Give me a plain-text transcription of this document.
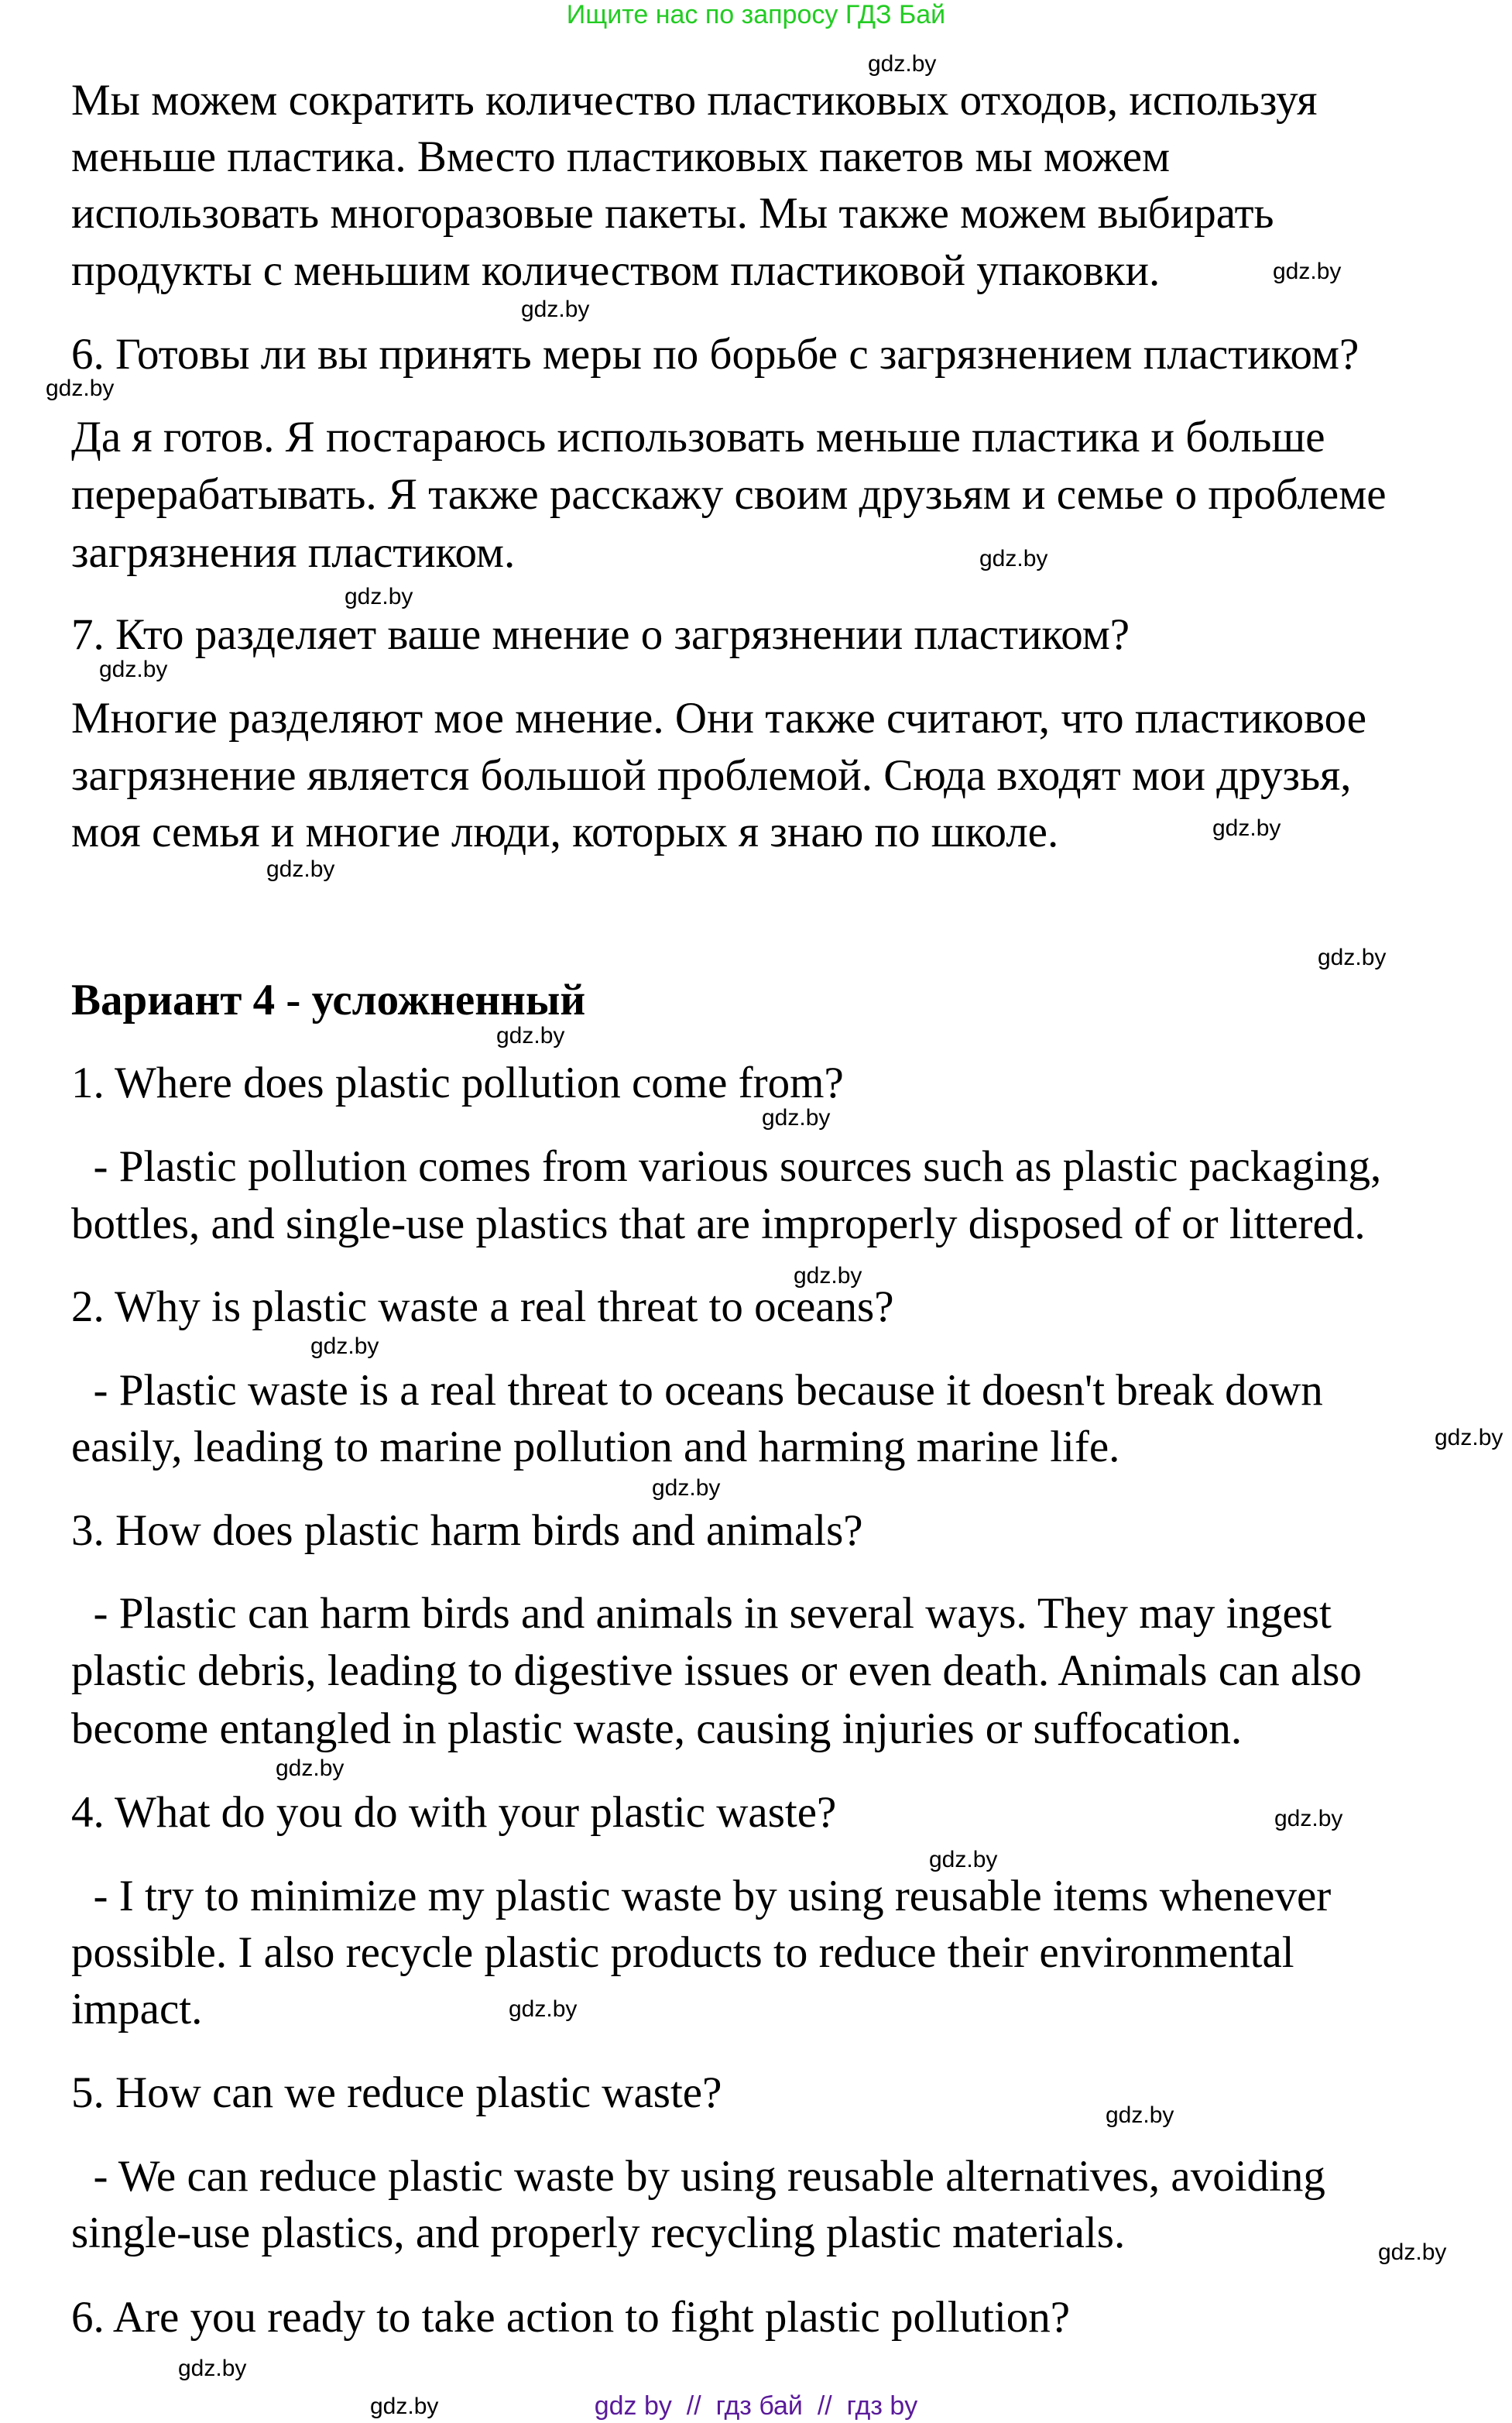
Ищите нас по запросу ГДЗ Бай
Мы можем сократить количество пластиковых отходов, используя
меньше пластика. Вместо пластиковых пакетов мы можем
использовать многоразовые пакеты. Мы также можем выбирать
продукты с меньшим количеством пластиковой упаковки.
6. Готовы ли вы принять меры по борьбе с загрязнением пластиком?
Да я готов. Я постараюсь использовать меньше пластика и больше
перерабатывать. Я также расскажу своим друзьям и семье о проблеме
загрязнения пластиком.
7. Кто разделяет ваше мнение о загрязнении пластиком?
Многие разделяют мое мнение. Они также считают, что пластиковое
загрязнение является большой проблемой. Сюда входят мои друзья,
моя семья и многие люди, которых я знаю по школе.
Вариант 4 - усложненный
1. Where does plastic pollution come from?
- Plastic pollution comes from various sources such as plastic packaging,
bottles, and single-use plastics that are improperly disposed of or littered.
2. Why is plastic waste a real threat to oceans?
- Plastic waste is a real threat to oceans because it doesn't break down
easily, leading to marine pollution and harming marine life.
3. How does plastic harm birds and animals?
- Plastic can harm birds and animals in several ways. They may ingest
plastic debris, leading to digestive issues or even death. Animals can also
become entangled in plastic waste, causing injuries or suffocation.
4. What do you do with your plastic waste?
- I try to minimize my plastic waste by using reusable items whenever
possible. I also recycle plastic products to reduce their environmental
impact.
5. How can we reduce plastic waste?
- We can reduce plastic waste by using reusable alternatives, avoiding
single-use plastics, and properly recycling plastic materials.
6. Are you ready to take action to fight plastic pollution?
gdz.by
gdz.by
gdz.by
gdz.by
gdz.by
gdz.by
gdz.by
gdz.by
gdz.by
gdz.by
gdz.by
gdz.by
gdz.by
gdz.by
gdz.by
gdz.by
gdz.by
gdz.by
gdz.by
gdz.by
gdz.by
gdz.by
gdz.by
gdz.by	gdz by  //  гдз бай  //  гдз by
